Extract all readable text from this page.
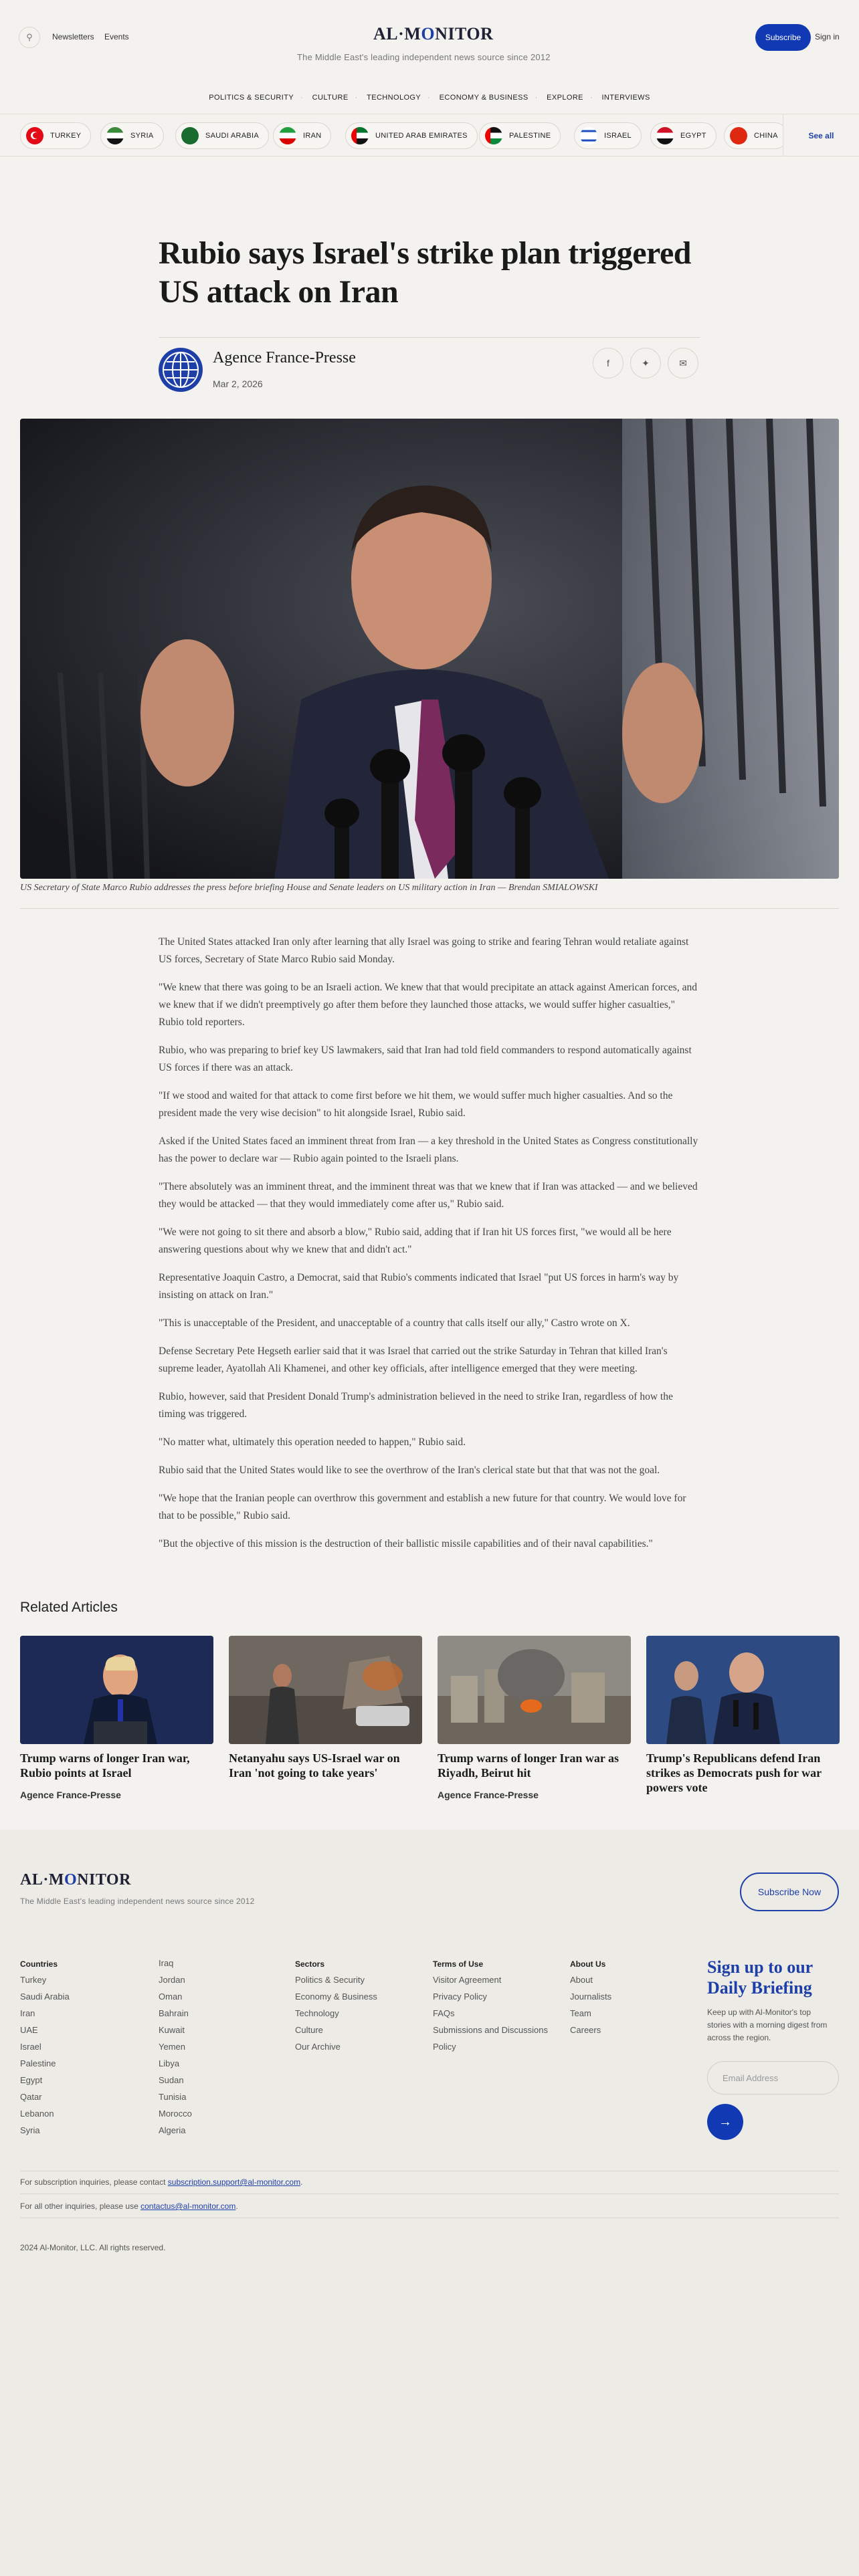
⚲ Newsletters Events	AL·MONITOR
The Middle East's leading independent news source since 2012
Subscribe	Sign in
POLITICS & SECURITY · CULTURE · TECHNOLOGY · ECONOMY & BUSINESS · EXPLORE · INTERVIEWS
TURKEY	SYRIA	SAUDI ARABIA	IRAN	UNITED ARAB EMIRATES	PALESTINE	ISRAEL	EGYPT	CHINA	See all
Rubio says Israel's strike plan triggered US attack on Iran
Agence France-Presse
Mar 2, 2026
f	✦	✉
US Secretary of State Marco Rubio addresses the press before briefing House and Senate leaders on US military action in Iran — Brendan SMIALOWSKI

The United States attacked Iran only after learning that ally Israel was going to strike and fearing Tehran would retaliate against US forces, Secretary of State Marco Rubio said Monday.

"We knew that there was going to be an Israeli action. We knew that that would precipitate an attack against American forces, and we knew that if we didn't preemptively go after them before they launched those attacks, we would suffer higher casualties," Rubio told reporters.

Rubio, who was preparing to brief key US lawmakers, said that Iran had told field commanders to respond automatically against US forces if there was an attack.

"If we stood and waited for that attack to come first before we hit them, we would suffer much higher casualties. And so the president made the very wise decision" to hit alongside Israel, Rubio said.

Asked if the United States faced an imminent threat from Iran — a key threshold in the United States as Congress constitutionally has the power to declare war — Rubio again pointed to the Israeli plans.

"There absolutely was an imminent threat, and the imminent threat was that we knew that if Iran was attacked — and we believed they would be attacked — that they would immediately come after us," Rubio said.

"We were not going to sit there and absorb a blow," Rubio said, adding that if Iran hit US forces first, "we would all be here answering questions about why we knew that and didn't act."

Representative Joaquin Castro, a Democrat, said that Rubio's comments indicated that Israel "put US forces in harm's way by insisting on attack on Iran."

"This is unacceptable of the President, and unacceptable of a country that calls itself our ally," Castro wrote on X.

Defense Secretary Pete Hegseth earlier said that it was Israel that carried out the strike Saturday in Tehran that killed Iran's supreme leader, Ayatollah Ali Khamenei, and other key officials, after intelligence emerged that they were meeting.

Rubio, however, said that President Donald Trump's administration believed in the need to strike Iran, regardless of how the timing was triggered.

"No matter what, ultimately this operation needed to happen," Rubio said.

Rubio said that the United States would like to see the overthrow of the Iran's clerical state but that that was not the goal.

"We hope that the Iranian people can overthrow this government and establish a new future for that country. We would love for that to be possible," Rubio said.

"But the objective of this mission is the destruction of their ballistic missile capabilities and of their naval capabilities."

Related Articles
Trump warns of longer Iran war, Rubio points at Israel
Agence France-Presse
Netanyahu says US-Israel war on Iran 'not going to take years'
Trump warns of longer Iran war as Riyadh, Beirut hit
Agence France-Presse
Trump's Republicans defend Iran strikes as Democrats push for war powers vote
AL·MONITOR
The Middle East's leading independent news source since 2012
Subscribe Now
Countries
Turkey
Saudi Arabia
Iran
UAE
Israel
Palestine
Egypt
Qatar
Lebanon
Syria
Iraq
Jordan
Oman
Bahrain
Kuwait
Yemen
Libya
Sudan
Tunisia
Morocco
Algeria
Sectors
Politics & Security
Economy & Business
Technology
Culture
Our Archive
Terms of Use
Visitor Agreement
Privacy Policy
FAQs
Submissions and Discussions
Policy
About Us
About
Journalists
Team
Careers
Sign up to our Daily Briefing
Keep up with Al-Monitor's top stories with a morning digest from across the region.
Email Address
→
For subscription inquiries, please contact subscription.support@al-monitor.com.
For all other inquiries, please use contactus@al-monitor.com.
2024 Al-Monitor, LLC. All rights reserved.
